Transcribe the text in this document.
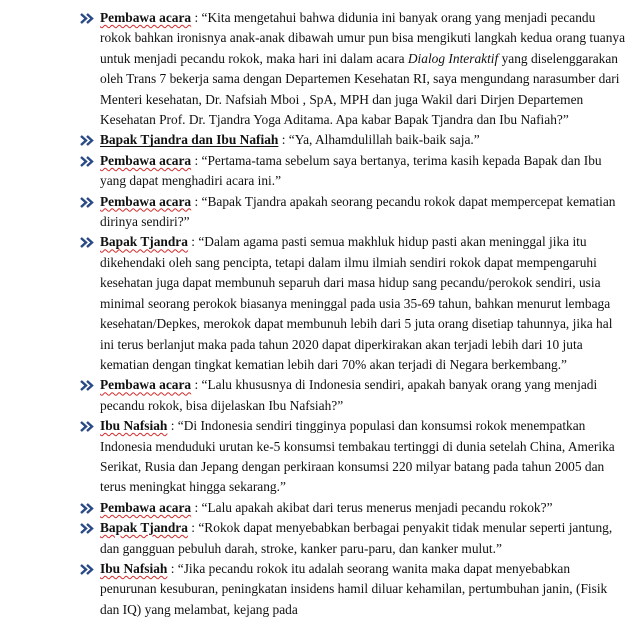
Pembawa acara : “Kita mengetahui bahwa didunia ini banyak orang yang menjadi pecandu rokok bahkan ironisnya anak-anak dibawah umur pun bisa mengikuti langkah kedua orang tuanya untuk menjadi pecandu rokok, maka hari ini dalam acara Dialog Interaktif yang diselenggarakan oleh Trans 7 bekerja sama dengan Departemen Kesehatan RI, saya mengundang narasumber dari Menteri kesehatan, Dr. Nafsiah Mboi , SpA, MPH dan juga Wakil dari Dirjen Departemen Kesehatan Prof. Dr. Tjandra Yoga Aditama. Apa kabar Bapak Tjandra dan Ibu Nafiah?”

Bapak Tjandra dan Ibu Nafiah : “Ya, Alhamdulillah baik-baik saja.”

Pembawa acara : “Pertama-tama sebelum saya bertanya, terima kasih kepada Bapak dan Ibu yang dapat menghadiri acara ini.”

Pembawa acara : “Bapak Tjandra apakah seorang pecandu rokok dapat mempercepat kematian dirinya sendiri?”

Bapak Tjandra : “Dalam agama pasti semua makhluk hidup pasti akan meninggal jika itu dikehendaki oleh sang pencipta, tetapi dalam ilmu ilmiah sendiri rokok dapat mempengaruhi kesehatan juga dapat membunuh separuh dari masa hidup sang pecandu/perokok sendiri, usia minimal seorang perokok biasanya meninggal pada usia 35-69 tahun, bahkan menurut lembaga kesehatan/Depkes, merokok dapat membunuh lebih dari 5 juta orang disetiap tahunnya, jika hal ini terus berlanjut maka pada tahun 2020 dapat diperkirakan akan terjadi lebih dari 10 juta kematian dengan tingkat kematian lebih dari 70% akan terjadi di Negara berkembang.”

Pembawa acara : “Lalu khususnya di Indonesia sendiri, apakah banyak orang yang menjadi pecandu rokok, bisa dijelaskan Ibu Nafsiah?”

Ibu Nafsiah : “Di Indonesia sendiri tingginya populasi dan konsumsi rokok menempatkan Indonesia menduduki urutan ke-5 konsumsi tembakau tertinggi di dunia setelah China, Amerika Serikat, Rusia dan Jepang dengan perkiraan konsumsi 220 milyar batang pada tahun 2005 dan terus meningkat hingga sekarang.”

Pembawa acara : “Lalu apakah akibat dari terus menerus menjadi pecandu rokok?”

Bapak Tjandra : “Rokok dapat menyebabkan berbagai penyakit tidak menular seperti jantung, dan gangguan pebuluh darah, stroke, kanker paru-paru, dan kanker mulut.”

Ibu Nafsiah : “Jika pecandu rokok itu adalah seorang wanita maka dapat menyebabkan penurunan kesuburan, peningkatan insidens hamil diluar kehamilan, pertumbuhan janin, (Fisik dan IQ) yang melambat, kejang pada
